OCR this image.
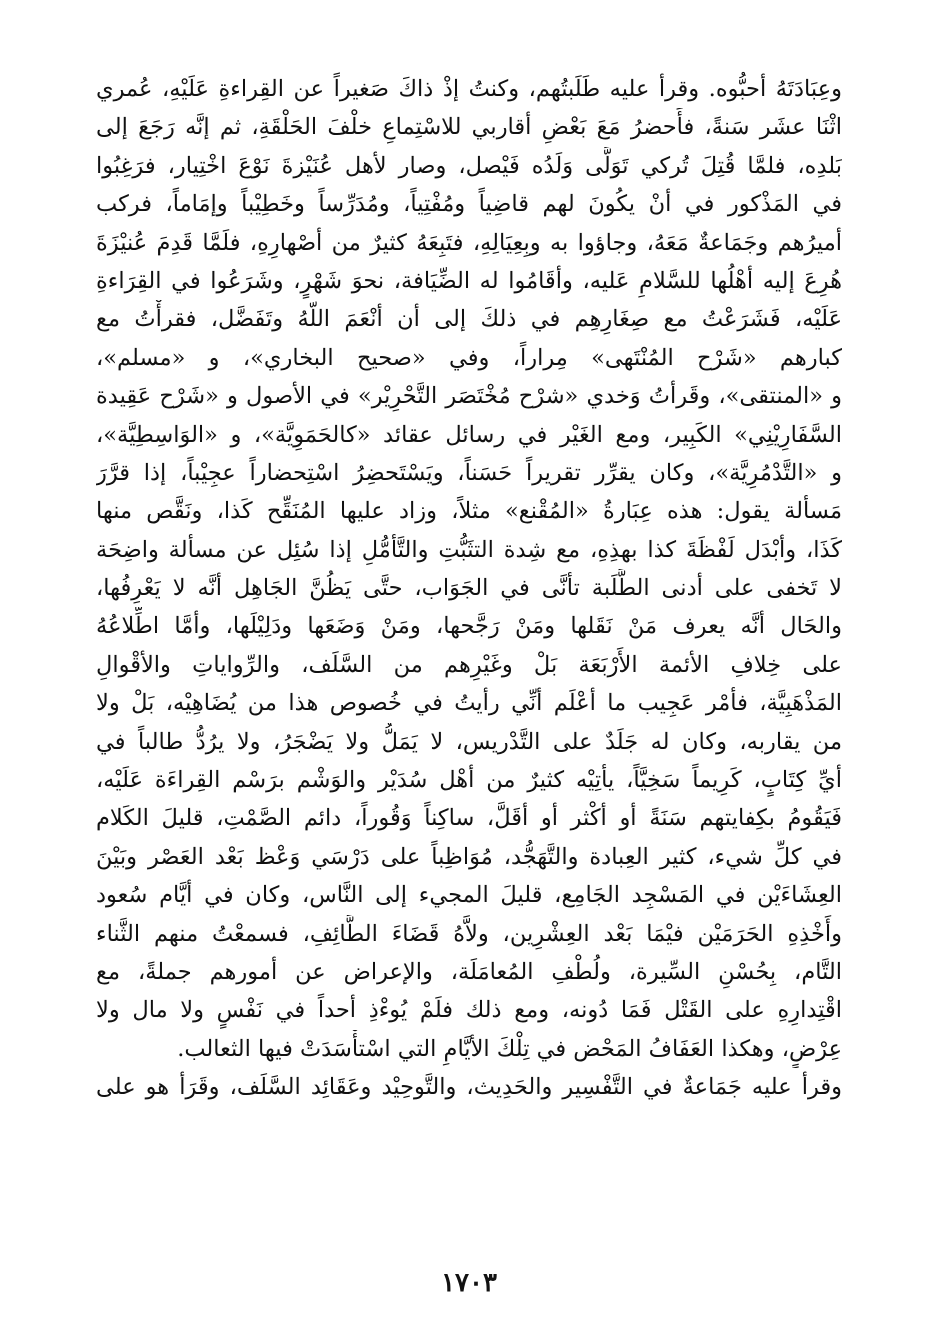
وعِبَادَتَهُ أحبُّوه. وقرأ عليه طَلَبتُهم، وكنتُ إذْ ذاكَ صَغيراً عن القِراءةِ عَلَيْهِ، عُمري
اثْنَا عشَر سَنةً، فأَحضرُ مَعَ بَعْضِ أقاربي للاسْتِماعِ خلْفَ الحَلْقَةِ، ثم إنَّه رَجَعَ إلى
بَلدِه، فلمَّا قُتِلَ تُركي تَوَلَّى وَلَدُه فَيْصل، وصار لأهل عُنَيْزةَ نَوْعَ اخْتِيار، فرَغِبُوا
في المَذْكور في أنْ يكُونَ لهم قاضِياً ومُفْتِياً، ومُدَرِّساً وخَطِيْباً وإمَاماً، فركب
أميرُهم وجَمَاعةٌ مَعَهُ، وجاؤوا به وبِعِيَالِهِ، فتَبِعَهُ كثيرٌ من أصْهارِهِ، فلَمَّا قَدِمَ عُنيْزَةَ
هُرِعَ إليه أهْلُها للسَّلامِ عَليه، وأقَامُوا له الضِّيَافة، نحوَ شَهْرٍ، وشَرَعُوا في القِرَاءةِ
عَلَيْه، فَشَرَعْتُ مع صِغَارِهِم في ذلكَ إلى أن أنْعَمَ اللّهُ وتَفَضَّل، فقرأْتُ مع
كبارهم «شَرْح المُنْتَهى» مِراراً، وفي «صحيح البخاري»، و «مسلم»،
و «المنتقى»، وقَرأتُ وَخدي «شرْح مُخْتَصَر التَّحْرِيْر» في الأصول و «شَرْح عَقِيدة
السَّفَارِيْنِي» الكَبِير، ومع الغَيْر في رسائل عقائد «كالحَمَوِيَّة»، و «الوَاسِطِيَّة»،
و «التَّدْمُرِيَّة»، وكان يقرِّر تقريراً حَسَناً، ويَسْتَحضِرُ اسْتِحضاراً عجِيْباً، إذا قرَّرَ
مَسألة يقول: هذه عِبَارةُ «المُقْنع» مثلاً، وزاد عليها المُنَقِّح كَذا، ونَقَّص منها
كَذَا، وأبْدَل لَفْظَةَ كذا بهذِهِ، مع شِدة التثَبُّتِ والتَّأمُّلِ إذا سُئِل عن مسألة واضِحَة
لا تَخفى على أدنى الطَّلَبة تأنَّى في الجَوَاب، حتَّى يَظُنَّ الجَاهِل أنَّه لا يَعْرِفُها،
والحَال أنَّه يعرف مَنْ نَقَلها ومَنْ رَجَّحها، ومَنْ وَضَعَها ودَلِيْلَها، وأمَّا اطِّلاعُهُ
على خِلافِ الأئمة الأَرْبَعَة بَلْ وغَيْرِهم من السَّلَف، والرِّواياتِ والأقْوالِ
المَذْهَبِيَّة، فأمْر عَجِيب ما أعْلَم أنِّي رأيتُ في خُصوص هذا من يُضَاهِيْه، بَلْ ولا
من يقاربه، وكان له جَلَدٌ على التَّدْريس، لا يَمَلُّ ولا يَضْجَرُ، ولا يرُدُّ طالباً في
أيِّ كِتَابٍ، كَرِيماً سَخِيَّاً، يأتِيْه كثيرٌ من أهْل سُدَيْر والوَشْم برَسْم القِراءَة عَلَيْه،
فَيَقُومُ بكِفايتهم سَنَةً أو أكْثر أو أقَلَّ، ساكِناً وَقُوراً، دائم الصَّمْتِ، قليلَ الكَلام
في كلِّ شيء، كثير العِبادة والتَّهَجُّد، مُوَاظِباً على دَرْسَي وَعْظ بَعْد العَصْر وبَيْنَ
العِشَاءَيْن في المَسْجِد الجَامِع، قليلَ المجيء إلى النَّاس، وكان في أيَّام سُعود
وأَخْذِهِ الحَرَمَيْن فيْمَا بَعْد العِشْرِين، ولاَّهُ قَضَاءَ الطَّائِفِ، فسمعْتُ منهم الثَّناء
التَّام، بِحُسْنِ السِّيرة، ولُطْفِ المُعامَلَة، والإعراض عن أمورهم جملةً، مع
اقْتِدارِهِ على القَتْل فَمَا دُونه، ومع ذلك فلَمْ يُوءْذِ أحداً في نَفْسٍ ولا مال ولا
عِرْضٍ، وهكذا العَفَافُ المَحْض في تِلْكَ الأيَّامِ التي اسْتأْسَدَتْ فيها الثعالب.
وقرأ عليه جَمَاعةٌ في التَّفْسِير والحَدِيث، والتَّوحِيْد وعَقَائِد السَّلَف، وقَرَأ هو على
١٧٠٣
